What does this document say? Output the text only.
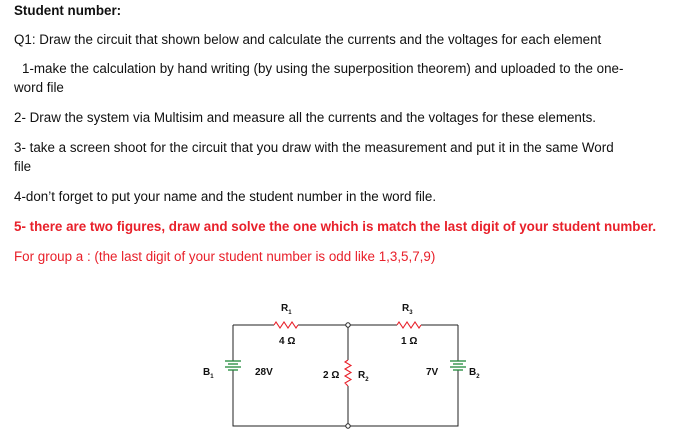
Student number:
Q1: Draw the circuit that shown below and calculate the currents and the voltages for each element
1-make the calculation by hand writing (by using the superposition theorem) and uploaded to the one-
word file
2- Draw the system via Multisim and measure all the currents and the voltages for these elements.
3- take a screen shoot for the circuit that you draw with the measurement and put it in the same Word
file
4-don’t forget to put your name and the student number in the word file.
5- there are two figures, draw and solve the one which is match the last digit of your student number.
For group a : (the last digit of your student number is odd like 1,3,5,7,9)
$R_1$
4 Ω
$R_3$
1 Ω
2 Ω $R_2$
$B_1$	28V	7V	$B_2$
